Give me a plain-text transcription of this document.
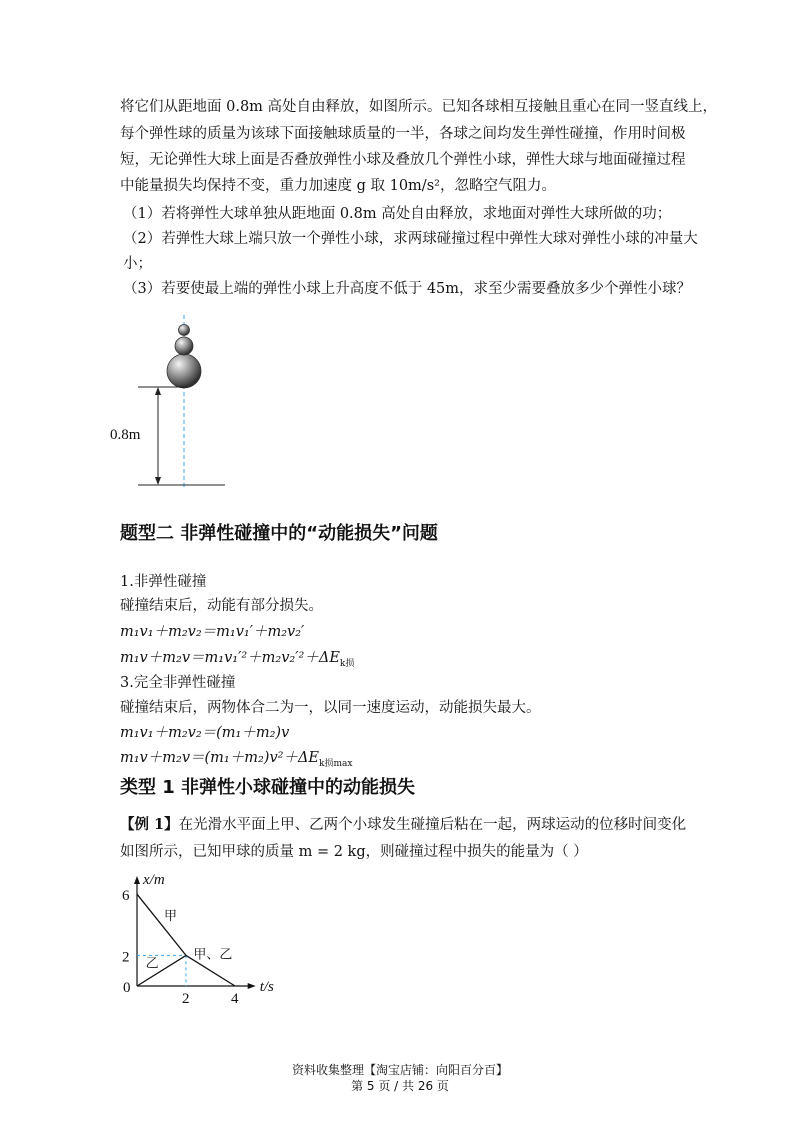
将它们从距地面 0.8m 高处自由释放，如图所示。已知各球相互接触且重心在同一竖直线上，
每个弹性球的质量为该球下面接触球质量的一半，各球之间均发生弹性碰撞，作用时间极
短，无论弹性大球上面是否叠放弹性小球及叠放几个弹性小球，弹性大球与地面碰撞过程
中能量损失均保持不变，重力加速度 g 取 10m/s²，忽略空气阻力。
（1）若将弹性大球单独从距地面 0.8m 高处自由释放，求地面对弹性大球所做的功；
（2）若弹性大球上端只放一个弹性小球，求两球碰撞过程中弹性大球对弹性小球的冲量大
小；
（3）若要使最上端的弹性小球上升高度不低于 45m，求至少需要叠放多少个弹性小球？
0.8m
题型二 非弹性碰撞中的“动能损失”问题
1.非弹性碰撞
碰撞结束后，动能有部分损失。
m₁v₁＋m₂v₂＝m₁v₁′＋m₂v₂′
$m_1v+m_2v=m_1v_1'^2+m_2v_2'^2+\Delta E_{k损}$
3.完全非弹性碰撞
碰撞结束后，两物体合二为一，以同一速度运动，动能损失最大。
m₁v₁＋m₂v₂＝(m₁＋m₂)v
$m_1v+m_2v=(m_1+m_2)v^2+\Delta E_{k损max}$
类型 1 非弹性小球碰撞中的动能损失
【例 1】在光滑水平面上甲、乙两个小球发生碰撞后粘在一起，两球运动的位移时间变化
如图所示，已知甲球的质量 m = 2 kg，则碰撞过程中损失的能量为（ ）
x/m
t/s
0
6
2
2	4
甲
乙
甲、乙
资料收集整理【淘宝店铺：向阳百分百】
第 5 页 / 共 26 页
